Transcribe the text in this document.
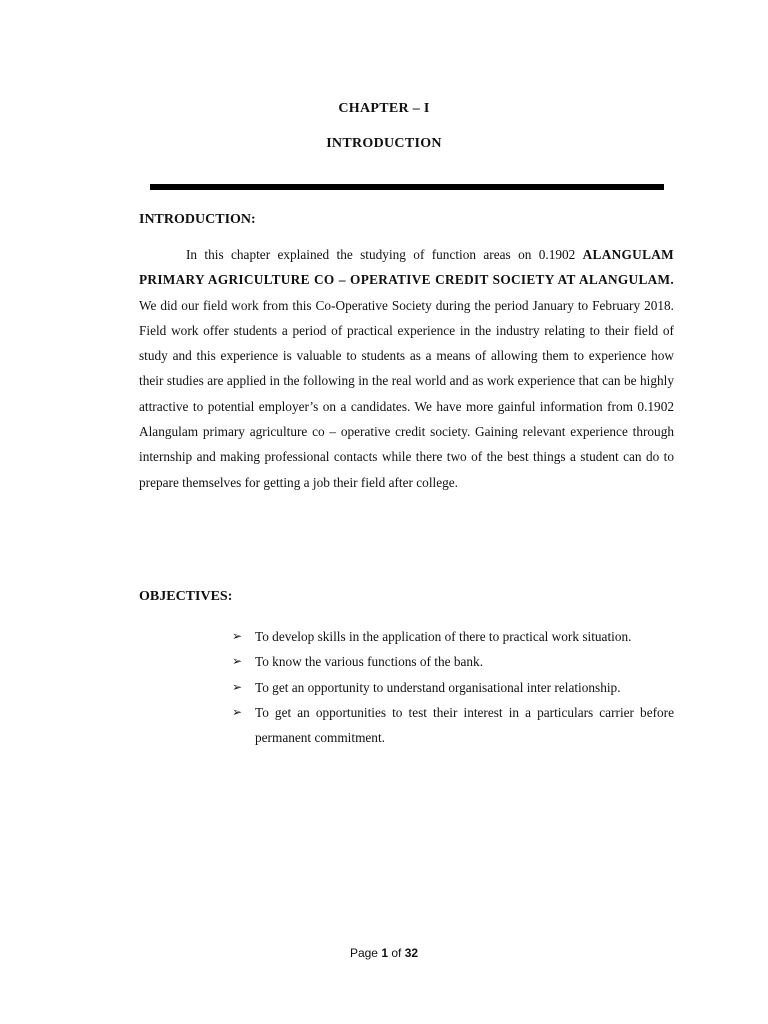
CHAPTER – I
INTRODUCTION
INTRODUCTION:

In this chapter explained the studying of function areas on 0.1902 ALANGULAM PRIMARY AGRICULTURE CO – OPERATIVE CREDIT SOCIETY AT ALANGULAM. We did our field work from this Co-Operative Society during the period January to February 2018. Field work offer students a period of practical experience in the industry relating to their field of study and this experience is valuable to students as a means of allowing them to experience how their studies are applied in the following in the real world and as work experience that can be highly attractive to potential employer’s on a candidates. We have more gainful information from 0.1902 Alangulam primary agriculture co – operative credit society. Gaining relevant experience through internship and making professional contacts while there two of the best things a student can do to prepare themselves for getting a job their field after college.

OBJECTIVES:
➢ To develop skills in the application of there to practical work situation.
➢ To know the various functions of the bank.
➢ To get an opportunity to understand organisational inter relationship.
➢ To get an opportunities to test their interest in a particulars carrier before permanent commitment.
Page 1 of 32
